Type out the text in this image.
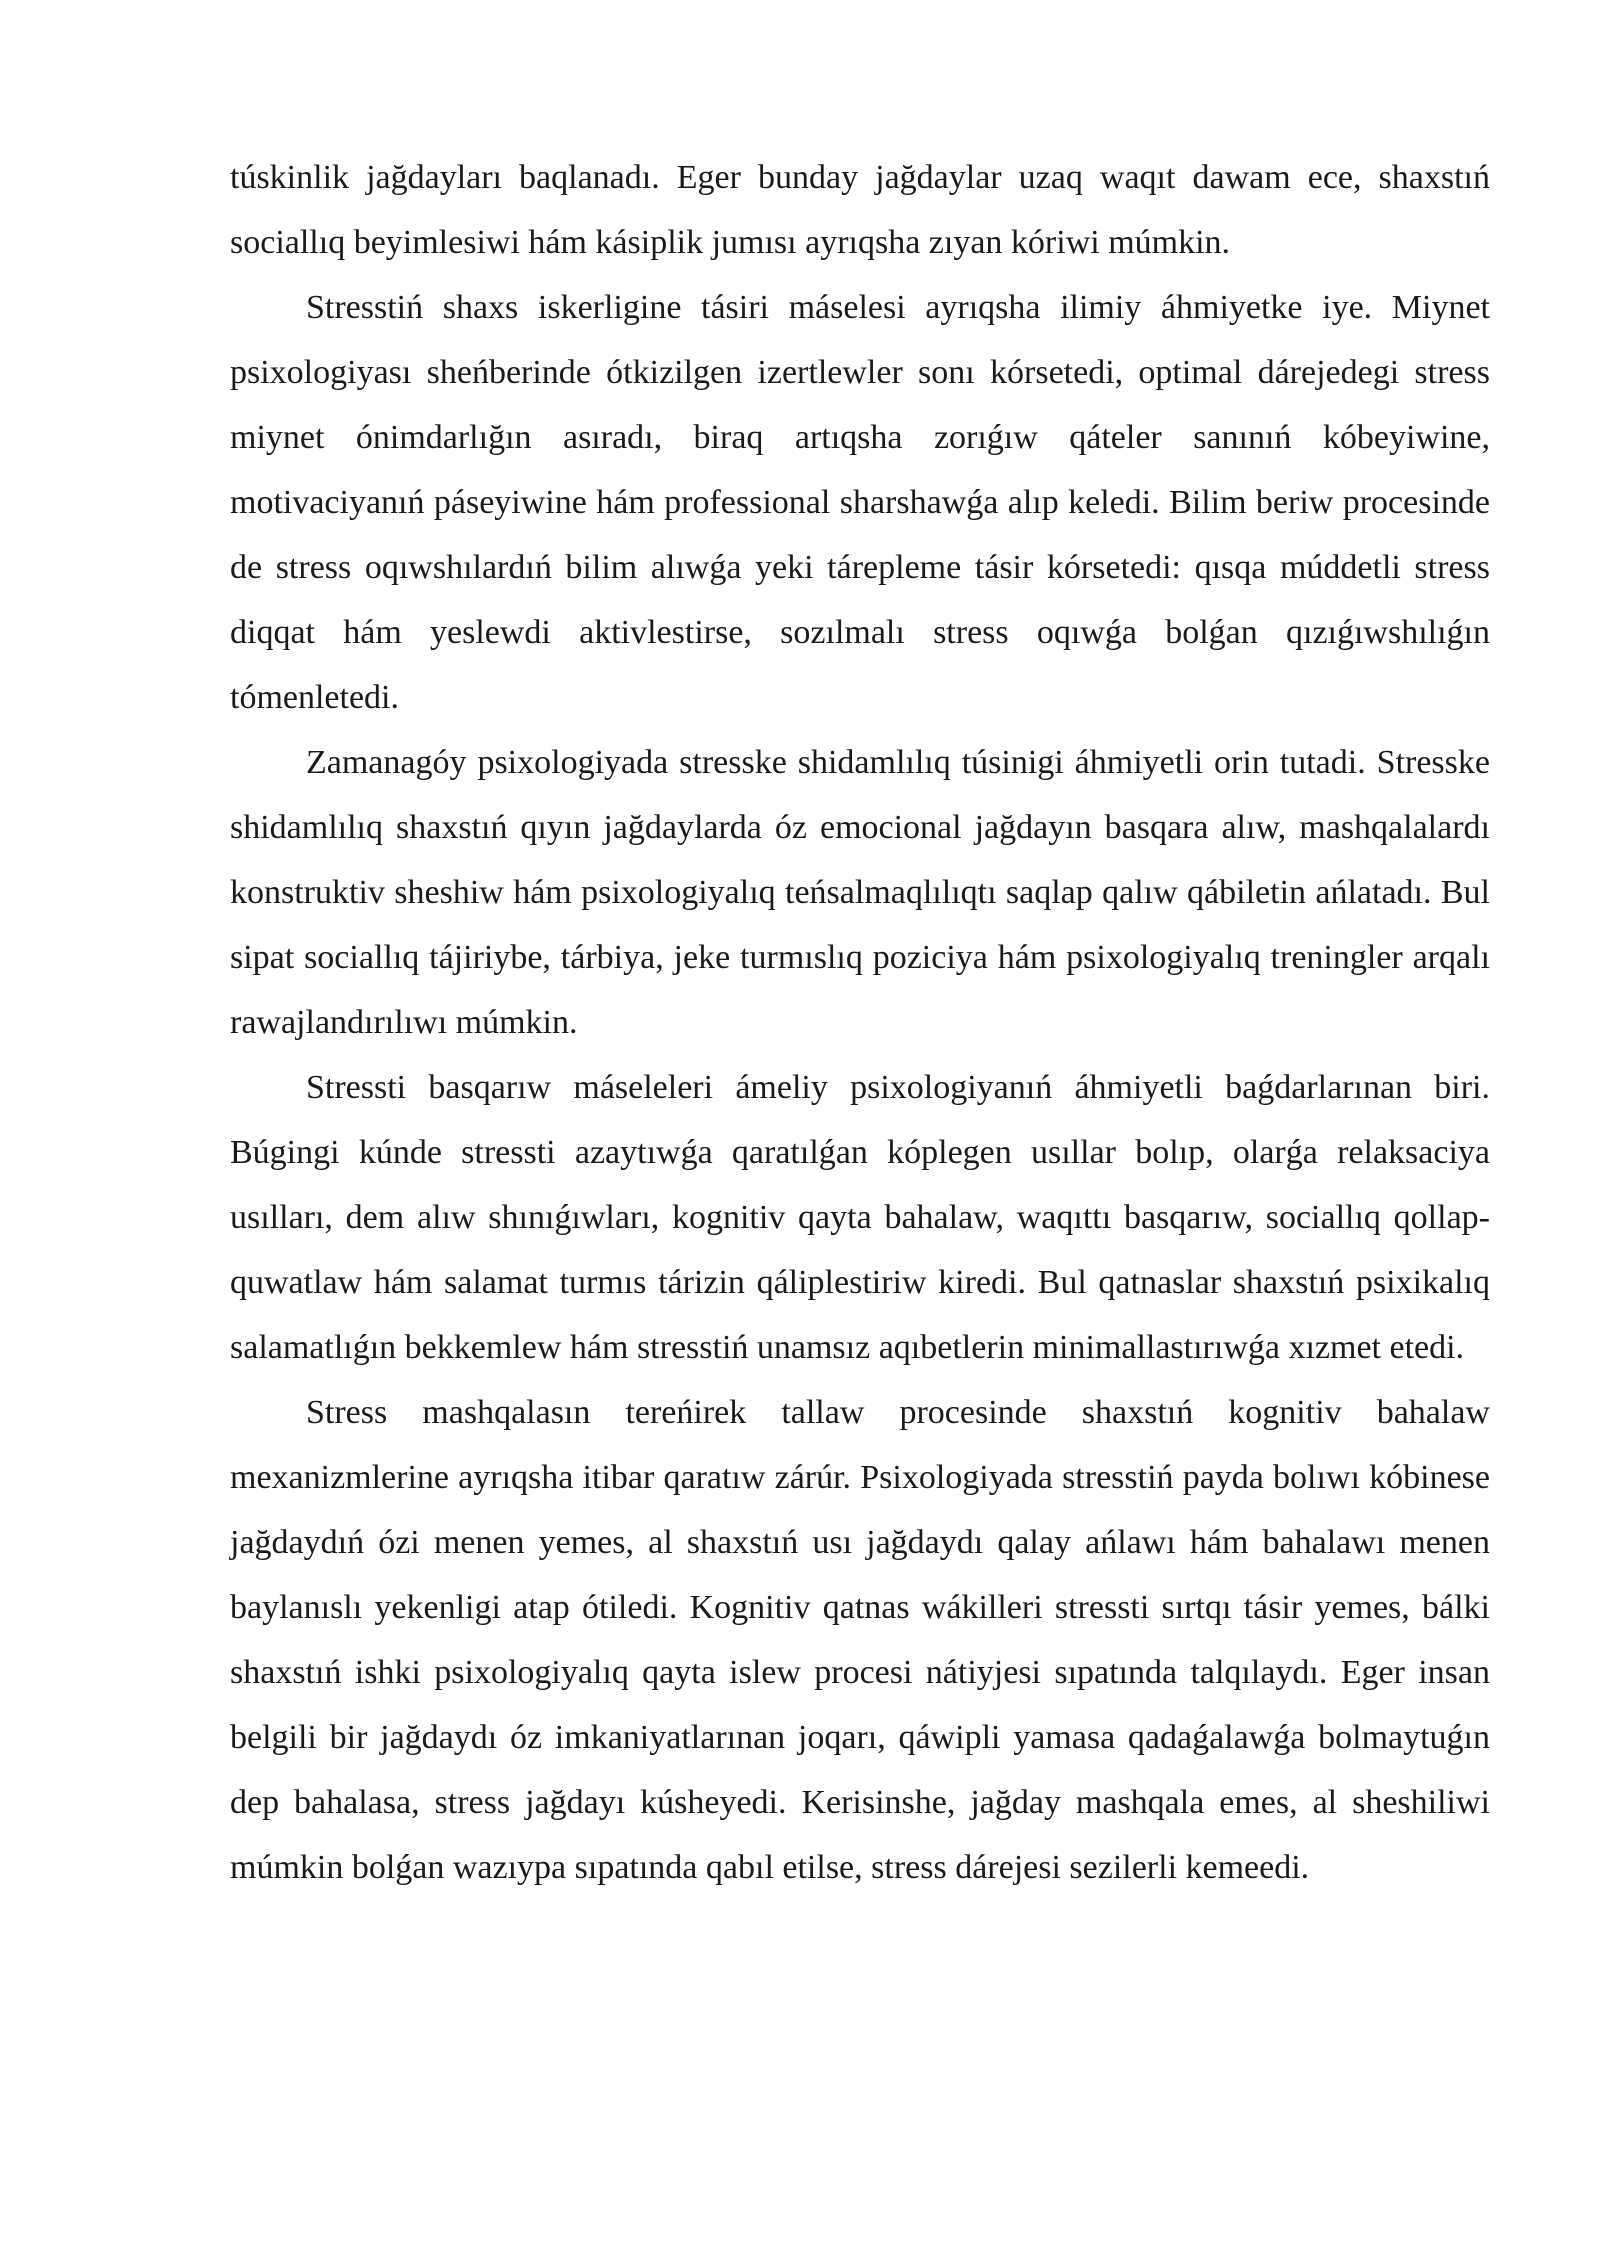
túskinlik jağdayları baqlanadı. Eger bunday jağdaylar uzaq waqıt dawam ece, shaxstıń sociallıq beyimlesiwi hám kásiplik jumısı ayrıqsha zıyan kóriwi múmkin.

Stresstiń shaxs iskerligine tásiri máselesi ayrıqsha ilimiy áhmiyetke iye. Miynet psixologiyası sheńberinde ótkizilgen izertlewler sonı kórsetedi, optimal dárejedegi stress miynet ónimdarlığın asıradı, biraq artıqsha zorıǵıw qáteler sanınıń kóbeyiwine, motivaciyanıń páseyiwine hám professional sharshawǵa alıp keledi. Bilim beriw procesinde de stress oqıwshılardıń bilim alıwǵa yeki tárepleme tásir kórsetedi: qısqa múddetli stress diqqat hám yeslewdi aktivlestirse, sozılmalı stress oqıwǵa bolǵan qızıǵıwshılıǵın tómenletedi.

Zamanagóy psixologiyada stresske shidamlılıq túsinigi áhmiyetli orin tutadi. Stresske shidamlılıq shaxstıń qıyın jağdaylarda óz emocional jağdayın basqara alıw, mashqalalardı konstruktiv sheshiw hám psixologiyalıq teńsalmaqlılıqtı saqlap qalıw qábiletin ańlatadı. Bul sipat sociallıq tájiriybe, tárbiya, jeke turmıslıq poziciya hám psixologiyalıq treningler arqalı rawajlandırılıwı múmkin.

Stressti basqarıw máseleleri ámeliy psixologiyanıń áhmiyetli baǵdarlarınan biri. Búgingi kúnde stressti azaytıwǵa qaratılǵan kóplegen usıllar bolıp, olarǵa relaksaciya usılları, dem alıw shınıǵıwları, kognitiv qayta bahalaw, waqıttı basqarıw, sociallıq qollap-quwatlaw hám salamat turmıs tárizin qáliplestiriw kiredi. Bul qatnaslar shaxstıń psixikalıq salamatlıǵın bekkemlew hám stresstiń unamsız aqıbetlerin minimallastırıwǵa xızmet etedi.

Stress mashqalasın tereńirek tallaw procesinde shaxstıń kognitiv bahalaw mexanizmlerine ayrıqsha itibar qaratıw zárúr. Psixologiyada stresstiń payda bolıwı kóbinese jağdaydıń ózi menen yemes, al shaxstıń usı jağdaydı qalay ańlawı hám bahalawı menen baylanıslı yekenligi atap ótiledi. Kognitiv qatnas wákilleri stressti sırtqı tásir yemes, bálki shaxstıń ishki psixologiyalıq qayta islew procesi nátiyjesi sıpatında talqılaydı. Eger insan belgili bir jağdaydı óz imkaniyatlarınan joqarı, qáwipli yamasa qadaǵalawǵa bolmaytuǵın dep bahalasa, stress jağdayı kúsheyedi. Kerisinshe, jağday mashqala emes, al sheshiliwi múmkin bolǵan wazıypa sıpatında qabıl etilse, stress dárejesi sezilerli kemeedi.
